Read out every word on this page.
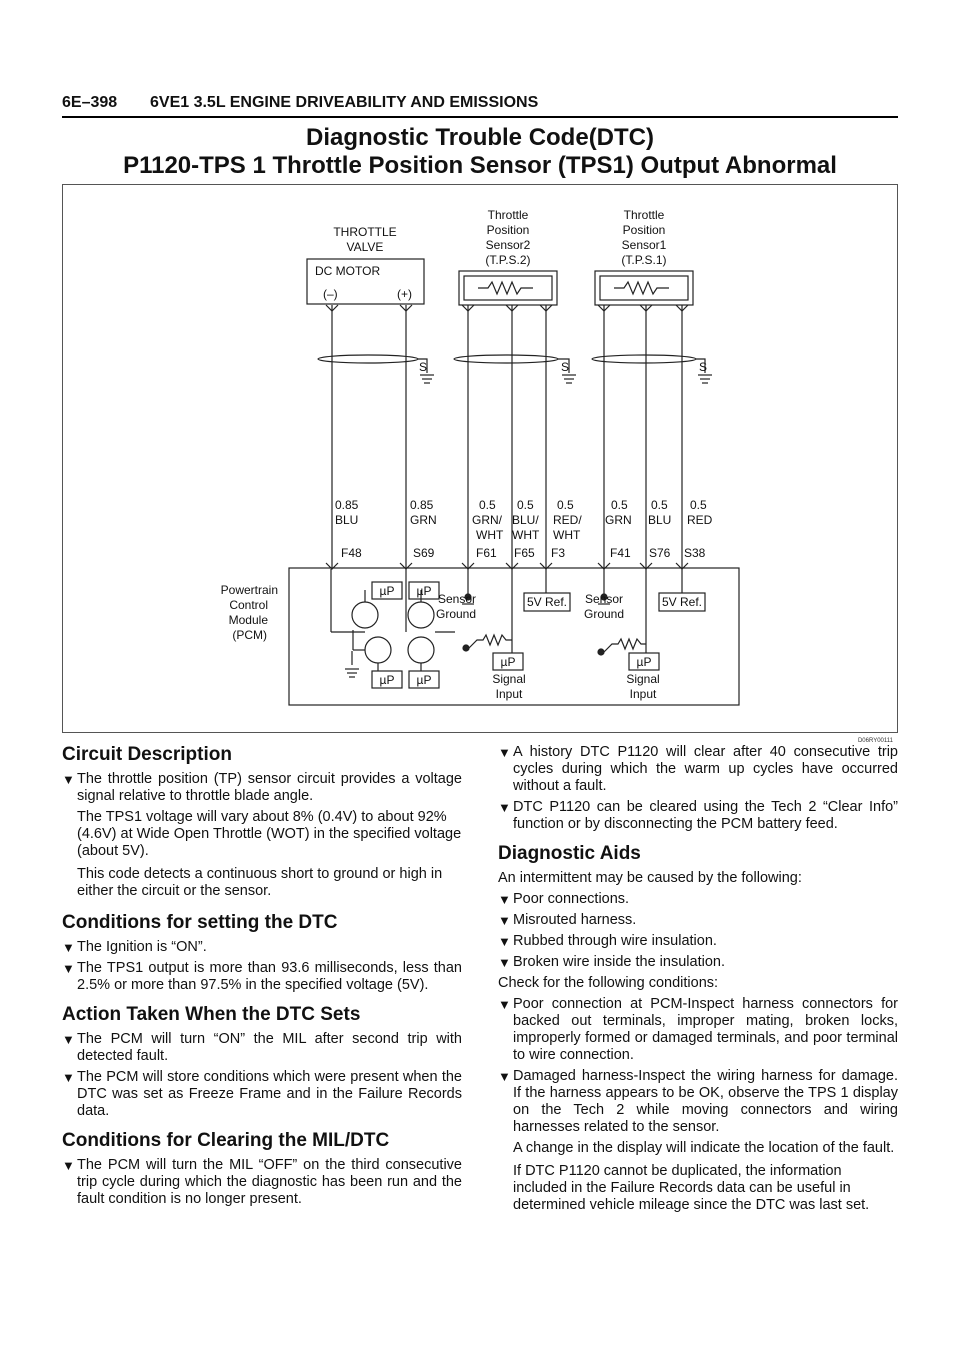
6E–398 6VE1 3.5L ENGINE DRIVEABILITY AND EMISSIONS
Diagnostic Trouble Code(DTC)
P1120-TPS 1 Throttle Position Sensor (TPS1) Output Abnormal
THROTTLE
VALVE
DC MOTOR
(–)	(+)
Throttle
Position
Sensor2
(T.P.S.2)
Throttle
Position
Sensor1
(T.P.S.1)
S	S	S
0.85
BLU
F48
0.85
GRN
S69
0.5
GRN/
WHT
F61
0.5
BLU/
WHT
F65
0.5
RED/
WHT
F3
0.5
GRN
F41
0.5
BLU
S76
0.5
RED
S38
Powertrain
Control
Module
(PCM)
µP µP
µP µP
µP	µP
Sensor
Ground
Sensor
Ground
5V Ref.	5V Ref.
Signal
Input
Signal
Input
D06RY00111
Circuit Description
▼ The throttle position (TP) sensor circuit provides a voltage signal relative to throttle blade angle.
The TPS1 voltage will vary about 8% (0.4V) to about 92% (4.6V) at Wide Open Throttle (WOT) in the specified voltage (about 5V).
This code detects a continuous short to ground or high in either the circuit or the sensor.
Conditions for setting the DTC
▼ The Ignition is “ON”.
▼ The TPS1 output is more than 93.6 milliseconds, less than 2.5% or more than 97.5% in the specified voltage (5V).
Action Taken When the DTC Sets
▼ The PCM will turn “ON” the MIL after second trip with detected fault.
▼ The PCM will store conditions which were present when the DTC was set as Freeze Frame and in the Failure Records data.
Conditions for Clearing the MIL/DTC
▼ The PCM will turn the MIL “OFF” on the third consecutive trip cycle during which the diagnostic has been run and the fault condition is no longer present.
▼ A history DTC P1120 will clear after 40 consecutive trip cycles during which the warm up cycles have occurred without a fault.
▼ DTC P1120 can be cleared using the Tech 2 “Clear Info” function or by disconnecting the PCM battery feed.
Diagnostic Aids
An intermittent may be caused by the following:
▼ Poor connections.
▼ Misrouted harness.
▼ Rubbed through wire insulation.
▼ Broken wire inside the insulation.
Check for the following conditions:
▼ Poor connection at PCM-Inspect harness connectors for backed out terminals, improper mating, broken locks, improperly formed or damaged terminals, and poor terminal to wire connection.
▼ Damaged harness-Inspect the wiring harness for damage. If the harness appears to be OK, observe the TPS 1 display on the Tech 2 while moving connectors and wiring harnesses related to the sensor.
A change in the display will indicate the location of the fault.
If DTC P1120 cannot be duplicated, the information included in the Failure Records data can be useful in determined vehicle mileage since the DTC was last set.
